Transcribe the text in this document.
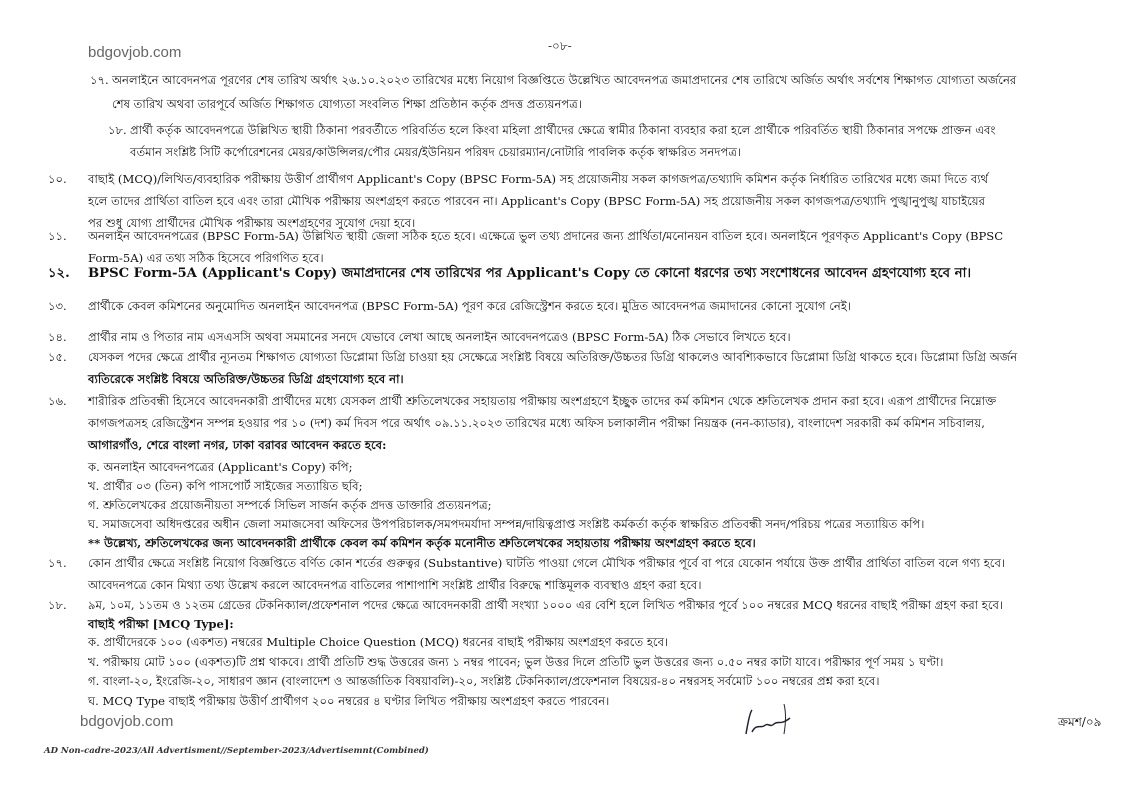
bdgovjob.com	-০৮-
১৭. অনলাইনে আবেদনপত্র পূরণের শেষ তারিখ অর্থাৎ ২৬.১০.২০২৩ তারিখের মধ্যে নিয়োগ বিজ্ঞপ্তিতে উল্লেখিত আবেদনপত্র জমাপ্রদানের শেষ তারিখে অর্জিত অর্থাৎ সর্বশেষ শিক্ষাগত যোগ্যতা অর্জনের
শেষ তারিখ অথবা তারপূর্বে অর্জিত শিক্ষাগত যোগ্যতা সংবলিত শিক্ষা প্রতিষ্ঠান কর্তৃক প্রদত্ত প্রত্যয়নপত্র।
১৮. প্রার্থী কর্তৃক আবেদনপত্রে উল্লিখিত স্থায়ী ঠিকানা পরবর্তীতে পরিবর্তিত হলে কিংবা মহিলা প্রার্থীদের ক্ষেত্রে স্বামীর ঠিকানা ব্যবহার করা হলে প্রার্থীকে পরিবর্তিত স্থায়ী ঠিকানার সপক্ষে প্রাক্তন এবং
বর্তমান সংশ্লিষ্ট সিটি কর্পোরেশনের মেয়র/কাউন্সিলর/পৌর মেয়র/ইউনিয়ন পরিষদ চেয়ারম্যান/নোটারি পাবলিক কর্তৃক স্বাক্ষরিত সনদপত্র।
১০. বাছাই (MCQ)/লিখিত/ব্যবহারিক পরীক্ষায় উত্তীর্ণ প্রার্থীগণ Applicant's Copy (BPSC Form-5A) সহ প্রয়োজনীয় সকল কাগজপত্র/তথ্যাদি কমিশন কর্তৃক নির্ধারিত তারিখের মধ্যে জমা দিতে ব্যর্থ
হলে তাদের প্রার্থিতা বাতিল হবে এবং তারা মৌখিক পরীক্ষায় অংশগ্রহণ করতে পারবেন না। Applicant's Copy (BPSC Form-5A) সহ প্রয়োজনীয় সকল কাগজপত্র/তথ্যাদি পুঙ্খানুপুঙ্খ যাচাইয়ের
পর শুধু যোগ্য প্রার্থীদের মৌখিক পরীক্ষায় অংশগ্রহণের সুযোগ দেয়া হবে।
১১. অনলাইন আবেদনপত্রের (BPSC Form-5A) উল্লিখিত স্থায়ী জেলা সঠিক হতে হবে। এক্ষেত্রে ভুল তথ্য প্রদানের জন্য প্রার্থিতা/মনোনয়ন বাতিল হবে। অনলাইনে পূরণকৃত Applicant's Copy (BPSC
Form-5A) এর তথ্য সঠিক হিসেবে পরিগণিত হবে।
১২. BPSC Form-5A (Applicant's Copy) জমাপ্রদানের শেষ তারিখের পর Applicant's Copy তে কোনো ধরণের তথ্য সংশোধনের আবেদন গ্রহণযোগ্য হবে না।
১৩. প্রার্থীকে কেবল কমিশনের অনুমোদিত অনলাইন আবেদনপত্র (BPSC Form-5A) পূরণ করে রেজিস্ট্রেশন করতে হবে। মুদ্রিত আবেদনপত্র জমাদানের কোনো সুযোগ নেই।
১৪. প্রার্থীর নাম ও পিতার নাম এসএসসি অথবা সমমানের সনদে যেভাবে লেখা আছে অনলাইন আবেদনপত্রেও (BPSC Form-5A) ঠিক সেভাবে লিখতে হবে।
১৫. যেসকল পদের ক্ষেত্রে প্রার্থীর ন্যূনতম শিক্ষাগত যোগ্যতা ডিপ্লোমা ডিগ্রি চাওয়া হয় সেক্ষেত্রে সংশ্লিষ্ট বিষয়ে অতিরিক্ত/উচ্চতর ডিগ্রি থাকলেও আবশ্যিকভাবে ডিপ্লোমা ডিগ্রি থাকতে হবে। ডিপ্লোমা ডিগ্রি অর্জন
ব্যতিরেকে সংশ্লিষ্ট বিষয়ে অতিরিক্ত/উচ্চতর ডিগ্রি গ্রহণযোগ্য হবে না।
১৬. শারীরিক প্রতিবন্ধী হিসেবে আবেদনকারী প্রার্থীদের মধ্যে যেসকল প্রার্থী শ্রুতিলেখকের সহায়তায় পরীক্ষায় অংশগ্রহণে ইচ্ছুক তাদের কর্ম কমিশন থেকে শ্রুতিলেখক প্রদান করা হবে। এরূপ প্রার্থীদের নিম্নোক্ত
কাগজপত্রসহ রেজিস্ট্রেশন সম্পন্ন হওয়ার পর ১০ (দশ) কর্ম দিবস পরে অর্থাৎ ০৯.১১.২০২৩ তারিখের মধ্যে অফিস চলাকালীন পরীক্ষা নিয়ন্ত্রক (নন-ক্যাডার), বাংলাদেশ সরকারী কর্ম কমিশন সচিবালয়,
আগারগাঁও, শেরে বাংলা নগর, ঢাকা বরাবর আবেদন করতে হবে:
ক. অনলাইন আবেদনপত্রের (Applicant's Copy) কপি;
খ. প্রার্থীর ০৩ (তিন) কপি পাসপোর্ট সাইজের সত্যায়িত ছবি;
গ. শ্রুতিলেখকের প্রয়োজনীয়তা সম্পর্কে সিভিল সার্জন কর্তৃক প্রদত্ত ডাক্তারি প্রত্যয়নপত্র;
ঘ. সমাজসেবা অধিদপ্তরের অধীন জেলা সমাজসেবা অফিসের উপপরিচালক/সমপদমর্যাদা সম্পন্ন/দায়িত্বপ্রাপ্ত সংশ্লিষ্ট কর্মকর্তা কর্তৃক স্বাক্ষরিত প্রতিবন্ধী সনদ/পরিচয় পত্রের সত্যায়িত কপি।
** উল্লেখ্য, শ্রুতিলেখকের জন্য আবেদনকারী প্রার্থীকে কেবল কর্ম কমিশন কর্তৃক মনোনীত শ্রুতিলেখকের সহায়তায় পরীক্ষায় অংশগ্রহণ করতে হবে।
১৭. কোন প্রার্থীর ক্ষেত্রে সংশ্লিষ্ট নিয়োগ বিজ্ঞপ্তিতে বর্ণিত কোন শর্তের গুরুত্বর (Substantive) ঘাটতি পাওয়া গেলে মৌখিক পরীক্ষার পূর্বে বা পরে যেকোন পর্যায়ে উক্ত প্রার্থীর প্রার্থিতা বাতিল বলে গণ্য হবে।
আবেদনপত্রে কোন মিথ্যা তথ্য উল্লেখ করলে আবেদনপত্র বাতিলের পাশাপাশি সংশ্লিষ্ট প্রার্থীর বিরুদ্ধে শাস্তিমূলক ব্যবস্থাও গ্রহণ করা হবে।
১৮. ৯ম, ১০ম, ১১তম ও ১২তম গ্রেডের টেকনিক্যাল/প্রফেশনাল পদের ক্ষেত্রে আবেদনকারী প্রার্থী সংখ্যা ১০০০ এর বেশি হলে লিখিত পরীক্ষার পূর্বে ১০০ নম্বরের MCQ ধরনের বাছাই পরীক্ষা গ্রহণ করা হবে।
বাছাই পরীক্ষা [MCQ Type]:
ক. প্রার্থীদেরকে ১০০ (একশত) নম্বরের Multiple Choice Question (MCQ) ধরনের বাছাই পরীক্ষায় অংশগ্রহণ করতে হবে।
খ. পরীক্ষায় মোট ১০০ (একশত)টি প্রশ্ন থাকবে। প্রার্থী প্রতিটি শুদ্ধ উত্তরের জন্য ১ নম্বর পাবেন; ভুল উত্তর দিলে প্রতিটি ভুল উত্তরের জন্য ০.৫০ নম্বর কাটা যাবে। পরীক্ষার পূর্ণ সময় ১ ঘণ্টা।
গ. বাংলা-২০, ইংরেজি-২০, সাধারণ জ্ঞান (বাংলাদেশ ও আন্তর্জাতিক বিষয়াবলি)-২০, সংশ্লিষ্ট টেকনিক্যাল/প্রফেশনাল বিষয়ের-৪০ নম্বরসহ সর্বমোট ১০০ নম্বরের প্রশ্ন করা হবে।
ঘ. MCQ Type বাছাই পরীক্ষায় উত্তীর্ণ প্রার্থীগণ ২০০ নম্বরের ৪ ঘণ্টার লিখিত পরীক্ষায় অংশগ্রহণ করতে পারবেন।
bdgovjob.com	ক্রমশ/০৯
AD Non-cadre-2023/All Advertisment//September-2023/Advertisemnt(Combined)
